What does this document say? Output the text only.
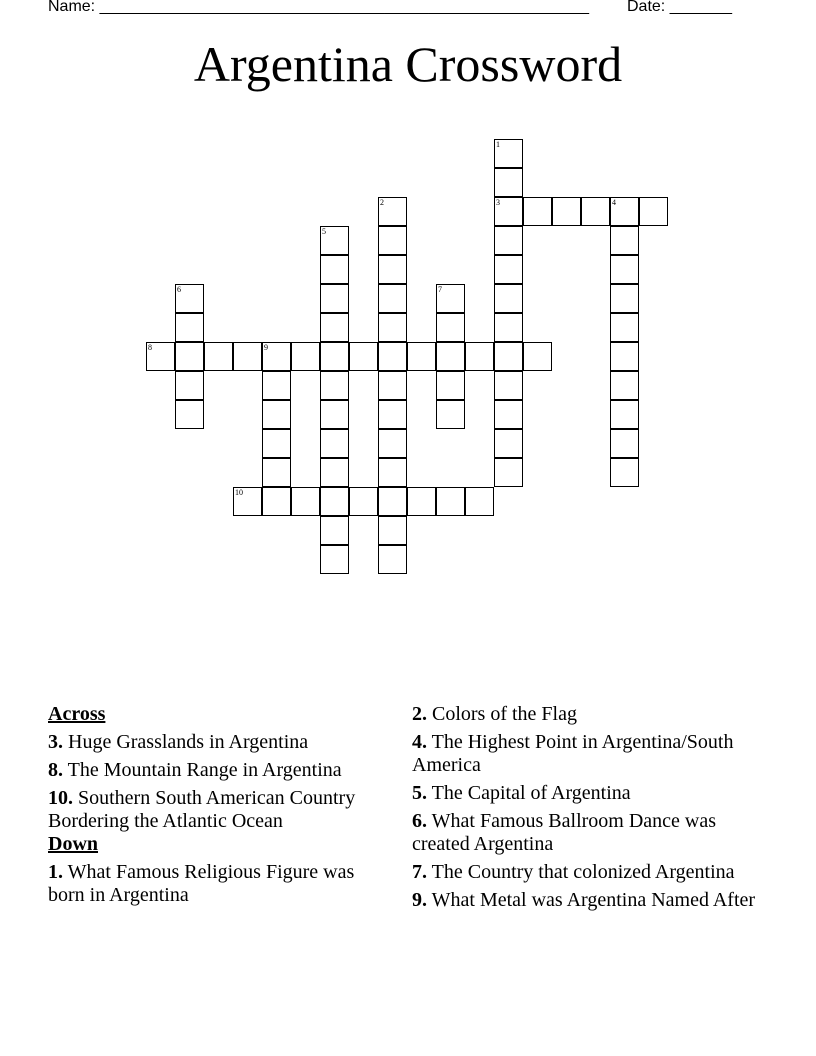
Name: _______________________________________________________ Date: _______
Argentina Crossword
1
3	4
2
5
6	7
8	9
10
Across
3. Huge Grasslands in Argentina
8. The Mountain Range in Argentina
10. Southern South American Country Bordering the Atlantic Ocean
Down
1. What Famous Religious Figure was born in Argentina
2. Colors of the Flag
4. The Highest Point in Argentina/South America
5. The Capital of Argentina
6. What Famous Ballroom Dance was created Argentina
7. The Country that colonized Argentina
9. What Metal was Argentina Named After
